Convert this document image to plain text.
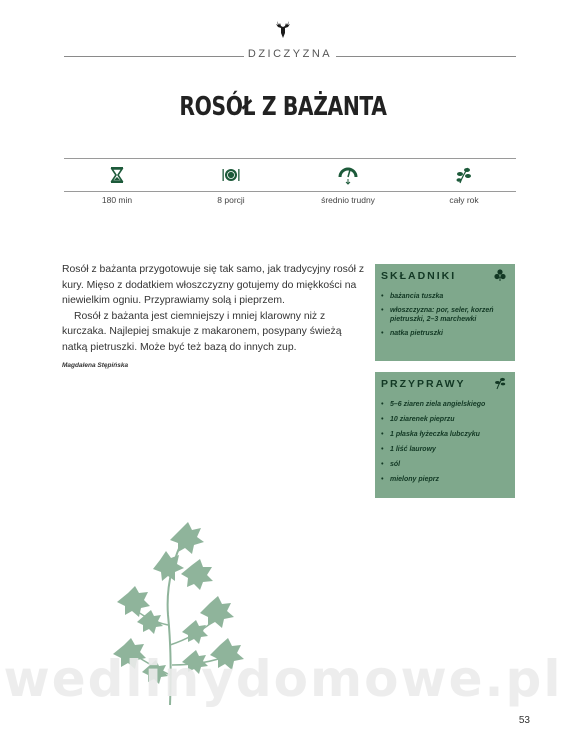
DZICZYZNA
ROSÓŁ Z BAŻANTA
180 min	8 porcji	średnio trudny	cały rok

Rosół z bażanta przygotowuje się tak samo, jak tradycyjny rosół z kury. Mięso z dodatkiem włoszczyzny gotujemy do miękkości na niewielkim ogniu. Przyprawiamy solą i pieprzem.

Rosół z bażanta jest ciemniejszy i mniej klarowny niż z kurczaka. Najlepiej smakuje z makaronem, posypany świeżą natką pietruszki. Może być też bazą do innych zup.

Magdalena Stępińska
SKŁADNIKI
• bażancia tuszka
• włoszczyzna: por, seler, korzeń pietruszki, 2–3 marchewki
• natka pietruszki
PRZYPRAWY
• 5–6 ziaren ziela angielskiego
• 10 ziarenek pieprzu
• 1 płaska łyżeczka lubczyku
• 1 liść laurowy
• sól
• mielony pieprz
wedlinydomowe.pl
53
